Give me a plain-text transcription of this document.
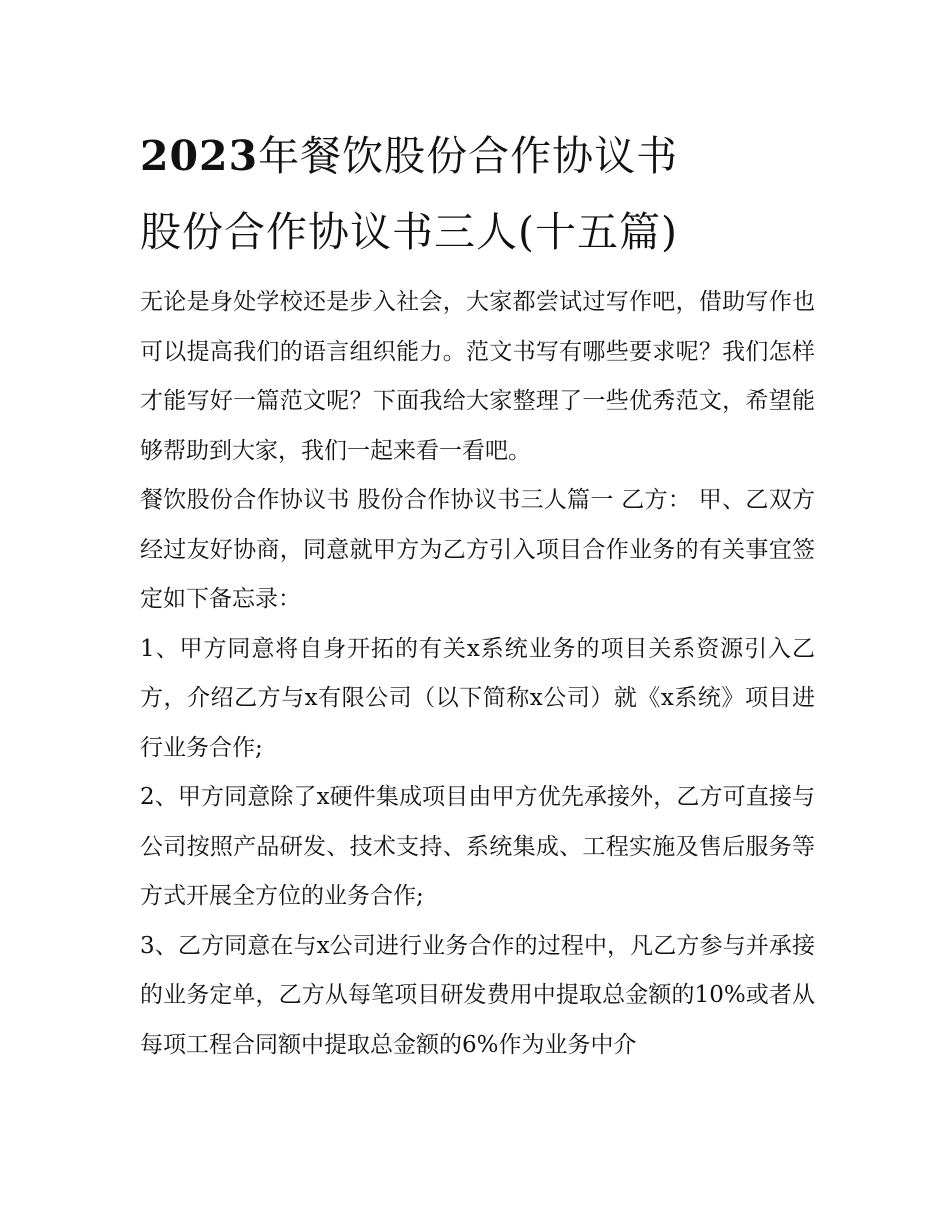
2023年餐饮股份合作协议书
股份合作协议书三人(十五篇)

无论是身处学校还是步入社会，大家都尝试过写作吧，借助写作也可以提高我们的语言组织能力。范文书写有哪些要求呢？我们怎样才能写好一篇范文呢？下面我给大家整理了一些优秀范文，希望能够帮助到大家，我们一起来看一看吧。

餐饮股份合作协议书 股份合作协议书三人篇一 乙方： 甲、乙双方经过友好协商，同意就甲方为乙方引入项目合作业务的有关事宜签定如下备忘录：

1、甲方同意将自身开拓的有关x系统业务的项目关系资源引入乙方，介绍乙方与x有限公司（以下简称x公司）就《x系统》项目进行业务合作;

2、甲方同意除了x硬件集成项目由甲方优先承接外，乙方可直接与公司按照产品研发、技术支持、系统集成、工程实施及售后服务等方式开展全方位的业务合作;

3、乙方同意在与x公司进行业务合作的过程中，凡乙方参与并承接的业务定单，乙方从每笔项目研发费用中提取总金额的10%或者从每项工程合同额中提取总金额的6%作为业务中介
